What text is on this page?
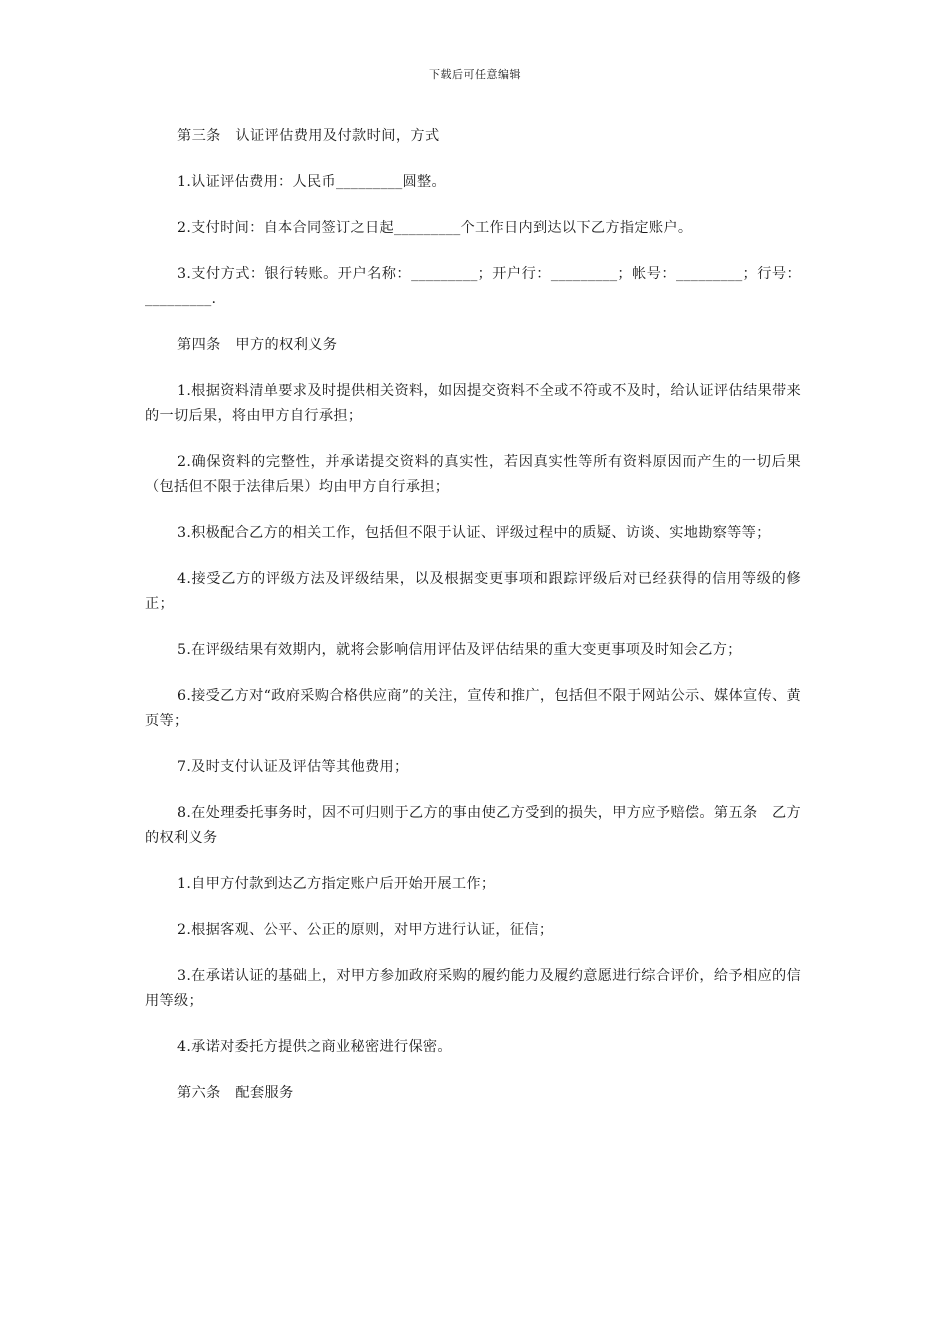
下载后可任意编辑

第三条　认证评估费用及付款时间，方式

1.认证评估费用：人民币_________圆整。

2.支付时间：自本合同签订之日起_________个工作日内到达以下乙方指定账户。

3.支付方式：银行转账。开户名称：_________；开户行：_________；帐号：_________；行号：_________.

第四条　甲方的权利义务

1.根据资料清单要求及时提供相关资料，如因提交资料不全或不符或不及时，给认证评估结果带来的一切后果，将由甲方自行承担；

2.确保资料的完整性，并承诺提交资料的真实性，若因真实性等所有资料原因而产生的一切后果（包括但不限于法律后果）均由甲方自行承担；

3.积极配合乙方的相关工作，包括但不限于认证、评级过程中的质疑、访谈、实地勘察等等；

4.接受乙方的评级方法及评级结果，以及根据变更事项和跟踪评级后对已经获得的信用等级的修正；

5.在评级结果有效期内，就将会影响信用评估及评估结果的重大变更事项及时知会乙方；

6.接受乙方对“政府采购合格供应商”的关注，宣传和推广，包括但不限于网站公示、媒体宣传、黄页等；

7.及时支付认证及评估等其他费用；

8.在处理委托事务时，因不可归则于乙方的事由使乙方受到的损失，甲方应予赔偿。第五条　乙方的权利义务

1.自甲方付款到达乙方指定账户后开始开展工作；

2.根据客观、公平、公正的原则，对甲方进行认证，征信；

3.在承诺认证的基础上，对甲方参加政府采购的履约能力及履约意愿进行综合评价，给予相应的信用等级；

4.承诺对委托方提供之商业秘密进行保密。

第六条　配套服务
